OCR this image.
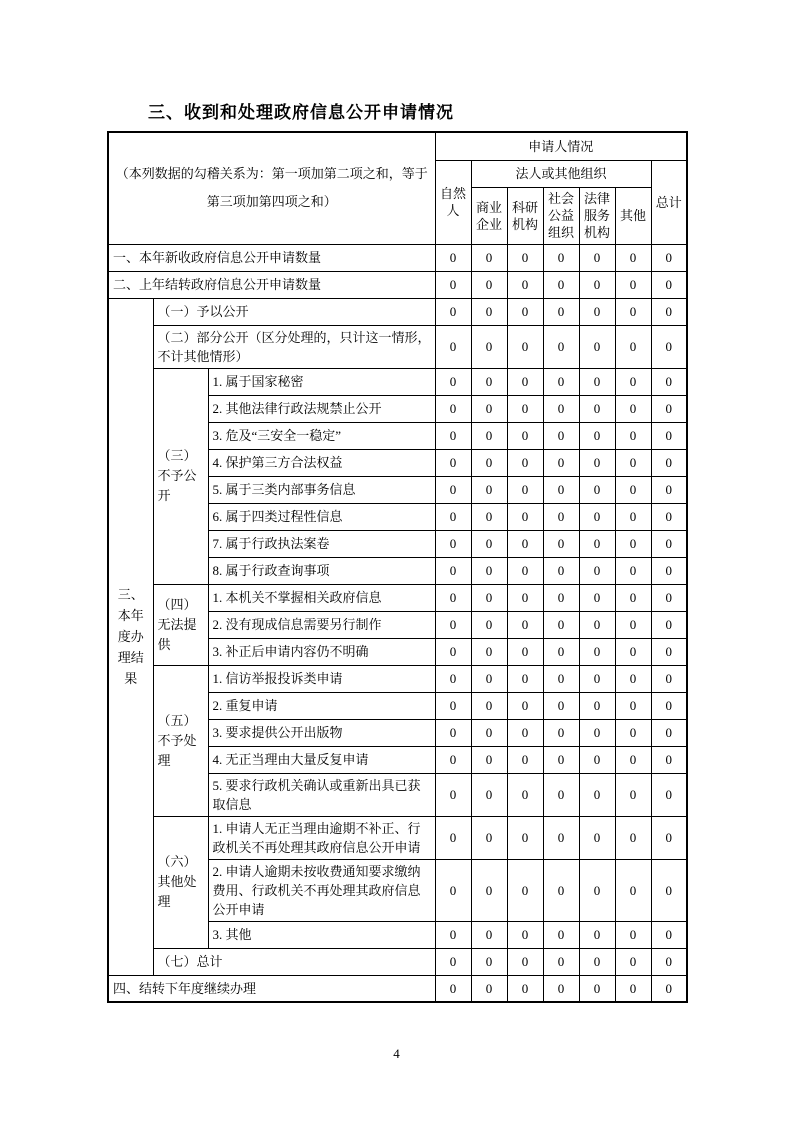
三、收到和处理政府信息公开申请情况
（本列数据的勾稽关系为：第一项加第二项之和，等于第三项加第四项之和）			申请人情况						
			自然人	法人或其他组织					总计
				商业企业	科研机构	社会公益组织	法律服务机构	其他	
一、本年新收政府信息公开申请数量			0	0	0	0	0	0	0
二、上年结转政府信息公开申请数量			0	0	0	0	0	0	0
三、本年度办理结果	（一）予以公开		0	0	0	0	0	0	0
	（二）部分公开（区分处理的，只计这一情形，不计其他情形）		0	0	0	0	0	0	0
	（三）不予公开	1. 属于国家秘密	0	0	0	0	0	0	0
		2. 其他法律行政法规禁止公开	0	0	0	0	0	0	0
		3. 危及“三安全一稳定”	0	0	0	0	0	0	0
		4. 保护第三方合法权益	0	0	0	0	0	0	0
		5. 属于三类内部事务信息	0	0	0	0	0	0	0
		6. 属于四类过程性信息	0	0	0	0	0	0	0
		7. 属于行政执法案卷	0	0	0	0	0	0	0
		8. 属于行政查询事项	0	0	0	0	0	0	0
	（四）无法提供	1. 本机关不掌握相关政府信息	0	0	0	0	0	0	0
		2. 没有现成信息需要另行制作	0	0	0	0	0	0	0
		3. 补正后申请内容仍不明确	0	0	0	0	0	0	0
	（五）不予处理	1. 信访举报投诉类申请	0	0	0	0	0	0	0
		2. 重复申请	0	0	0	0	0	0	0
		3. 要求提供公开出版物	0	0	0	0	0	0	0
		4. 无正当理由大量反复申请	0	0	0	0	0	0	0
		5. 要求行政机关确认或重新出具已获取信息	0	0	0	0	0	0	0
	（六）其他处理	1. 申请人无正当理由逾期不补正、行政机关不再处理其政府信息公开申请	0	0	0	0	0	0	0
		2. 申请人逾期未按收费通知要求缴纳费用、行政机关不再处理其政府信息公开申请	0	0	0	0	0	0	0
		3. 其他	0	0	0	0	0	0	0
	（七）总计		0	0	0	0	0	0	0
四、结转下年度继续办理			0	0	0	0	0	0	0
4
